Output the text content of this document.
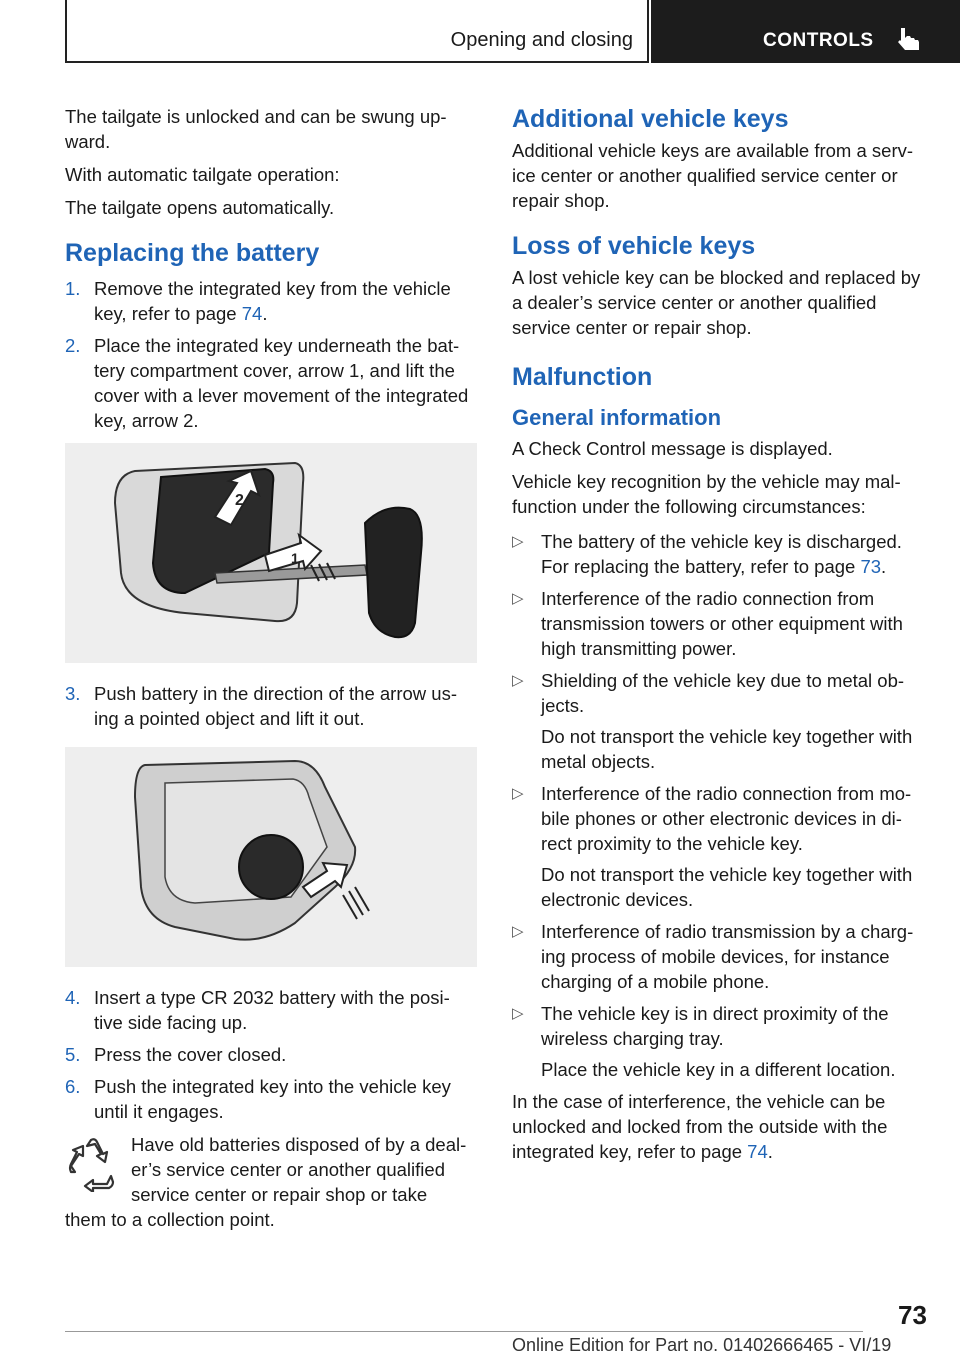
Opening and closing	CONTROLS

The tailgate is unlocked and can be swung up-ward.

With automatic tailgate operation:

The tailgate opens automatically.

Replacing the battery
1. Remove the integrated key from the vehicle key, refer to page 74.
2. Place the integrated key underneath the bat-tery compartment cover, arrow 1, and lift the cover with a lever movement of the integrated key, arrow 2.
1
2
3. Push battery in the direction of the arrow us-ing a pointed object and lift it out.
4. Insert a type CR 2032 battery with the posi-tive side facing up.
5. Press the cover closed.
6. Push the integrated key into the vehicle key until it engages.
Have old batteries disposed of by a deal-
er’s service center or another qualified
service center or repair shop or take
them to a collection point.
Additional vehicle keys

Additional vehicle keys are available from a serv-ice center or another qualified service center or repair shop.

Loss of vehicle keys

A lost vehicle key can be blocked and replaced by a dealer’s service center or another qualified service center or repair shop.

Malfunction
General information

A Check Control message is displayed.

Vehicle key recognition by the vehicle may mal-function under the following circumstances:

▷ The battery of the vehicle key is discharged. For replacing the battery, refer to page 73.
▷ Interference of the radio connection from transmission towers or other equipment with high transmitting power.
▷ Shielding of the vehicle key due to metal ob-jects.
Do not transport the vehicle key together with metal objects.
▷ Interference of the radio connection from mo-bile phones or other electronic devices in di-rect proximity to the vehicle key.
Do not transport the vehicle key together with electronic devices.
▷ Interference of radio transmission by a charg-ing process of mobile devices, for instance charging of a mobile phone.
▷ The vehicle key is in direct proximity of the wireless charging tray.
Place the vehicle key in a different location.

In the case of interference, the vehicle can be unlocked and locked from the outside with the integrated key, refer to page 74.

73
Online Edition for Part no. 01402666465 - VI/19
